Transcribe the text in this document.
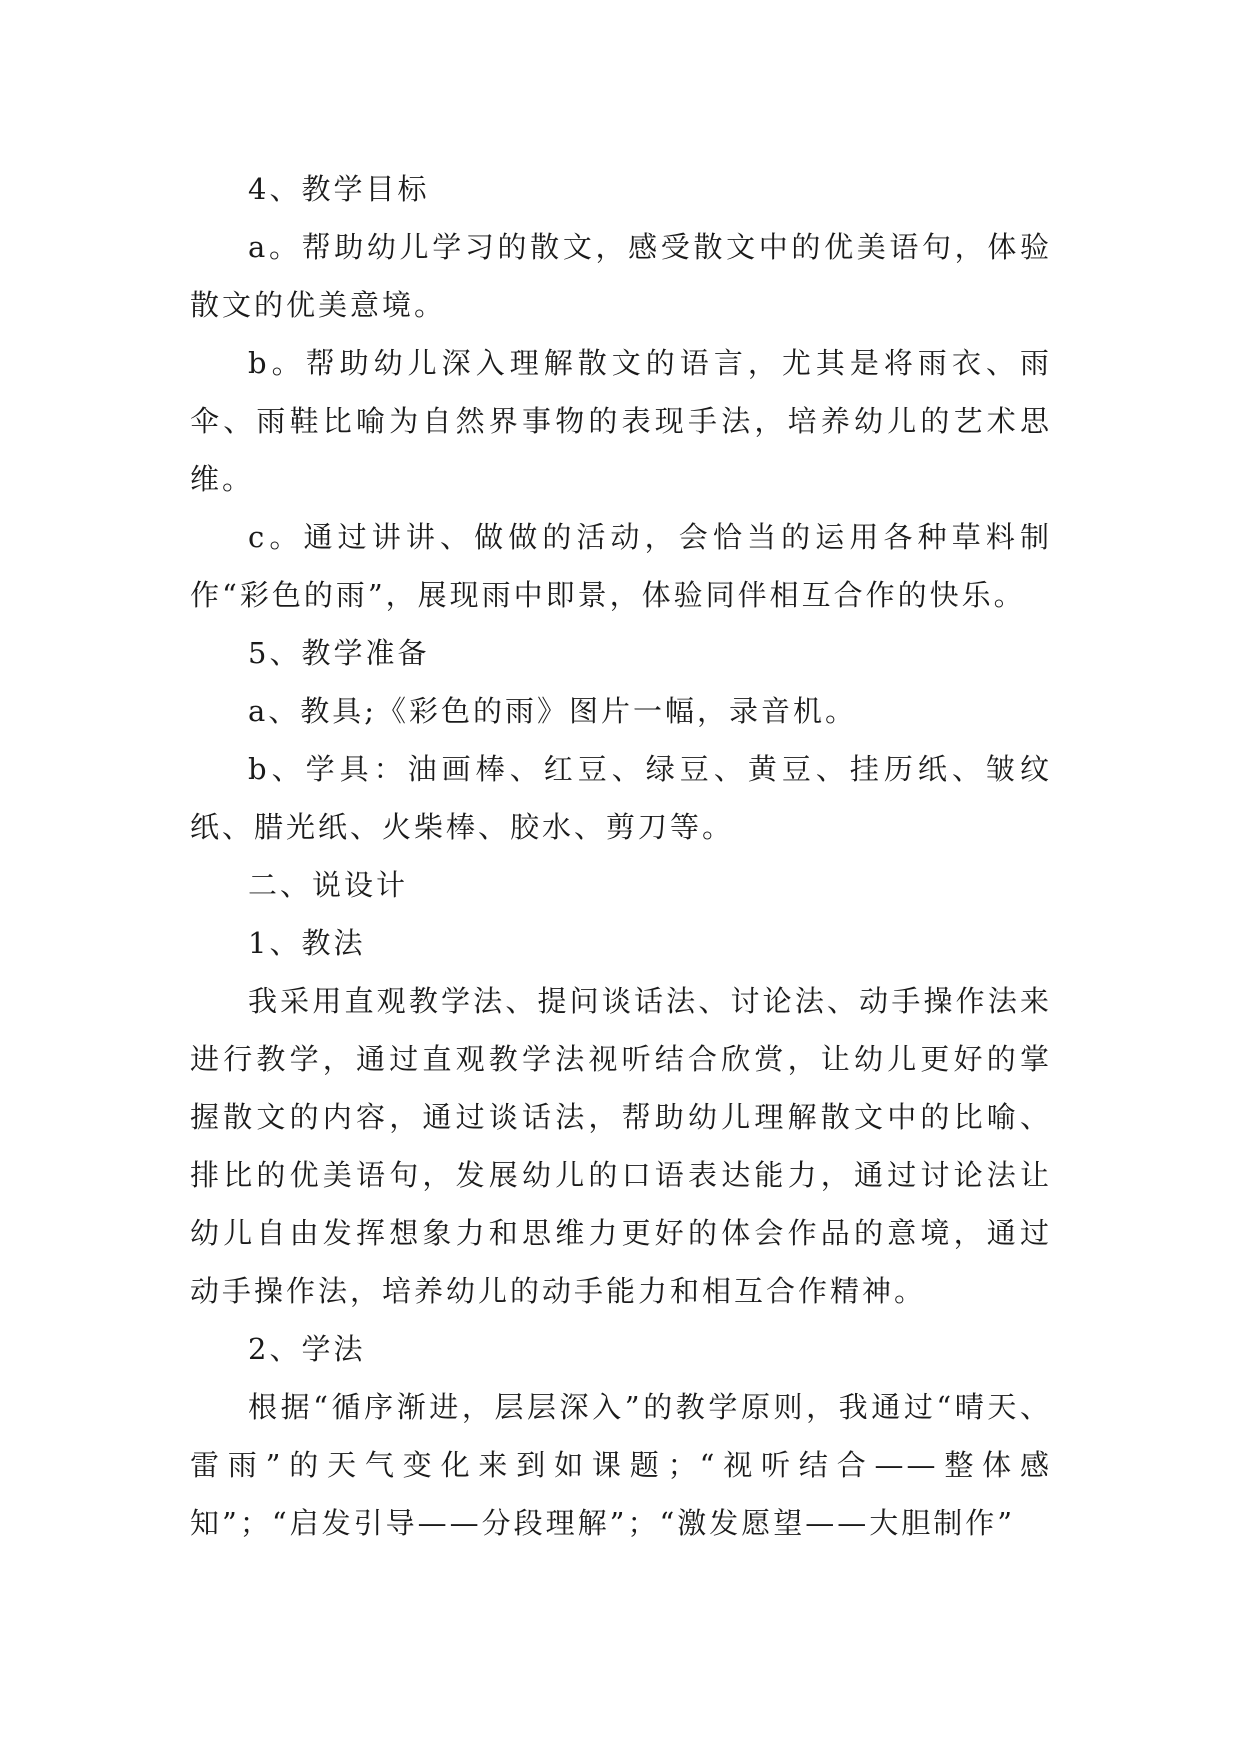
4、教学目标

a。帮助幼儿学习的散文，感受散文中的优美语句，体验散文的优美意境。

b。帮助幼儿深入理解散文的语言，尤其是将雨衣、雨伞、雨鞋比喻为自然界事物的表现手法，培养幼儿的艺术思维。

c。通过讲讲、做做的活动，会恰当的运用各种草料制作“彩色的雨”，展现雨中即景，体验同伴相互合作的快乐。

5、教学准备

a、教具;《彩色的雨》图片一幅，录音机。

b、学具：油画棒、红豆、绿豆、黄豆、挂历纸、皱纹纸、腊光纸、火柴棒、胶水、剪刀等。

二、说设计

1、教法

我采用直观教学法、提问谈话法、讨论法、动手操作法来进行教学，通过直观教学法视听结合欣赏，让幼儿更好的掌握散文的内容，通过谈话法，帮助幼儿理解散文中的比喻、排比的优美语句，发展幼儿的口语表达能力，通过讨论法让幼儿自由发挥想象力和思维力更好的体会作品的意境，通过动手操作法，培养幼儿的动手能力和相互合作精神。

2、学法

根据“循序渐进，层层深入”的教学原则，我通过“晴天、雷雨”的天气变化来到如课题；“视听结合——整体感知”；“启发引导——分段理解”；“激发愿望——大胆制作”
